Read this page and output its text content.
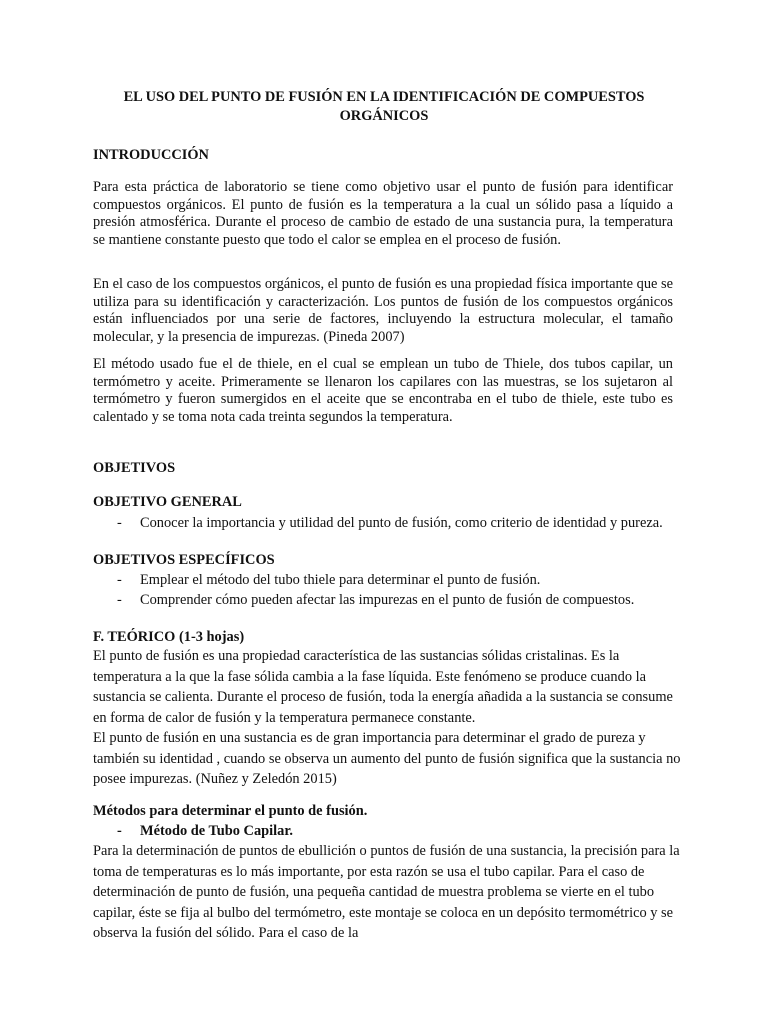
EL USO DEL PUNTO DE FUSIÓN EN LA IDENTIFICACIÓN DE COMPUESTOS ORGÁNICOS
INTRODUCCIÓN
Para esta práctica de laboratorio se tiene como objetivo usar el punto de fusión para identificar compuestos orgánicos. El punto de fusión es la temperatura a la cual un sólido pasa a líquido a presión atmosférica. Durante el proceso de cambio de estado de una sustancia pura, la temperatura se mantiene constante puesto que todo el calor se emplea en el proceso de fusión.
En el caso de los compuestos orgánicos, el punto de fusión es una propiedad física importante que se utiliza para su identificación y caracterización. Los puntos de fusión de los compuestos orgánicos están influenciados por una serie de factores, incluyendo la estructura molecular, el tamaño molecular, y la presencia de impurezas. (Pineda 2007)
El método usado fue el de thiele, en el cual se emplean un tubo de Thiele, dos tubos capilar, un termómetro y aceite. Primeramente se llenaron los capilares con las muestras, se los sujetaron al termómetro y fueron sumergidos en el aceite que se encontraba en el tubo de thiele, este tubo es calentado y se toma nota cada treinta segundos la temperatura.
OBJETIVOS
OBJETIVO GENERAL
- Conocer la importancia y utilidad del punto de fusión, como criterio de identidad y pureza.
OBJETIVOS ESPECÍFICOS
- Emplear el método del tubo thiele para determinar el punto de fusión.
- Comprender cómo pueden afectar las impurezas en el punto de fusión de compuestos.
F. TEÓRICO (1-3 hojas)
El punto de fusión es una propiedad característica de las sustancias sólidas cristalinas. Es la temperatura a la que la fase sólida cambia a la fase líquida. Este fenómeno se produce cuando la sustancia se calienta. Durante el proceso de fusión, toda la energía añadida a la sustancia se consume en forma de calor de fusión y la temperatura permanece constante.
El punto de fusión en una sustancia es de gran importancia para determinar el grado de pureza y también su identidad , cuando se observa un aumento del punto de fusión significa que la sustancia no posee impurezas. (Nuñez y Zeledón 2015)
Métodos para determinar el punto de fusión.
- Método de Tubo Capilar.
Para la determinación de puntos de ebullición o puntos de fusión de una sustancia, la precisión para la toma de temperaturas es lo más importante, por esta razón se usa el tubo capilar. Para el caso de determinación de punto de fusión, una pequeña cantidad de muestra problema se vierte en el tubo capilar, éste se fija al bulbo del termómetro, este montaje se coloca en un depósito termométrico y se observa la fusión del sólido. Para el caso de la
